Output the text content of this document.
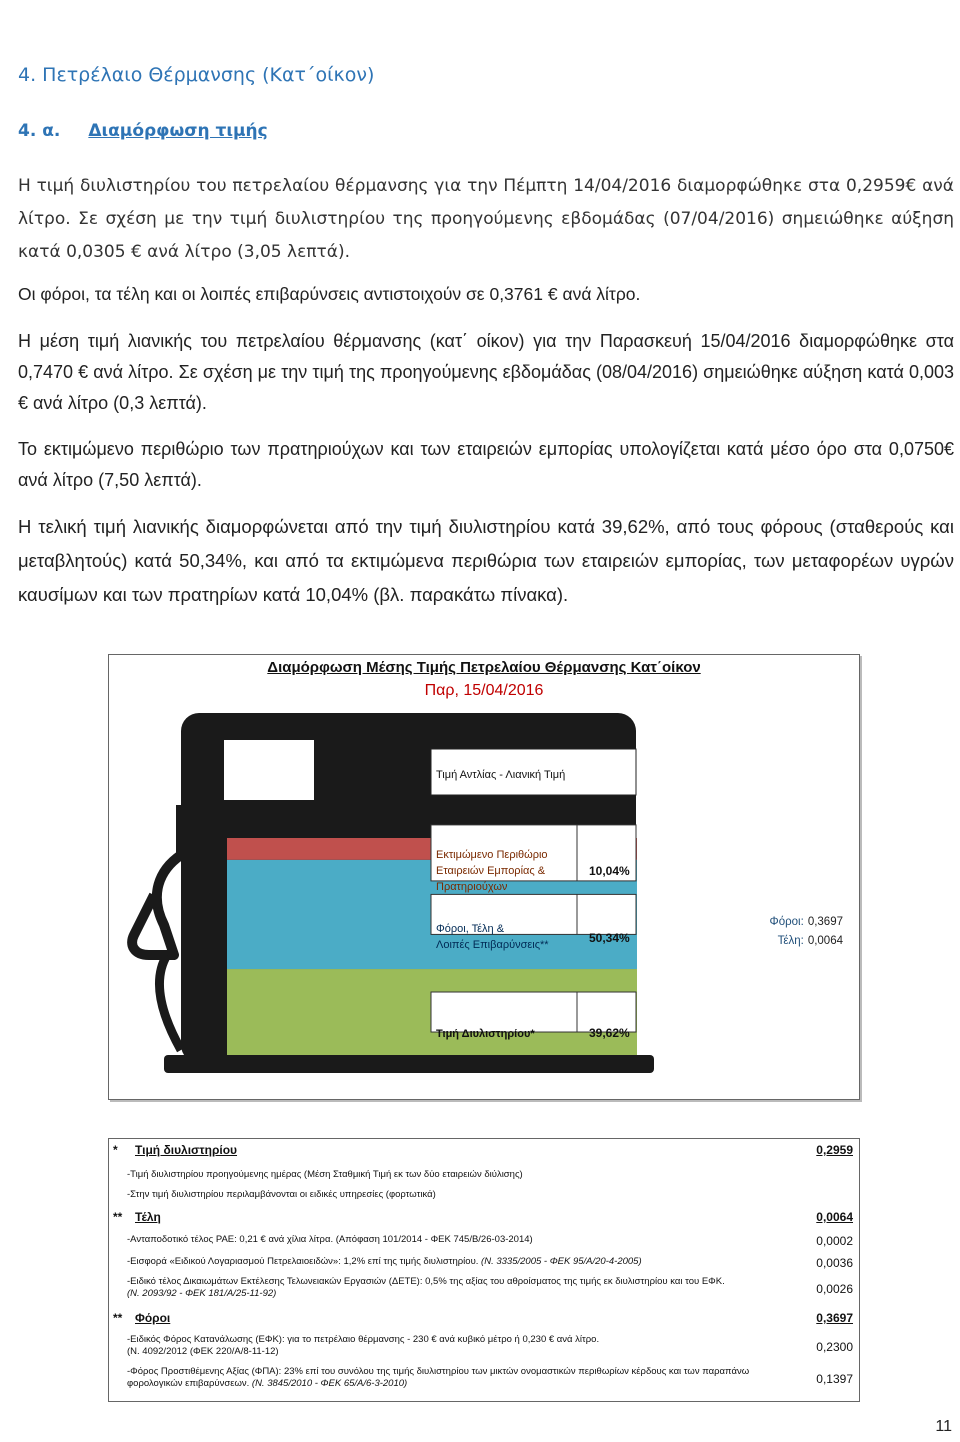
4. Πετρέλαιο Θέρμανσης (Κατ΄οίκον)
4. α. Διαμόρφωση τιμής

Η τιμή διυλιστηρίου του πετρελαίου θέρμανσης για την Πέμπτη 14/04/2016 διαμορφώθηκε στα 0,2959€ ανά λίτρο. Σε σχέση με την τιμή διυλιστηρίου της προηγούμενης εβδομάδας (07/04/2016) σημειώθηκε αύξηση κατά 0,0305 € ανά λίτρο (3,05 λεπτά).

Οι φόροι, τα τέλη και οι λοιπές επιβαρύνσεις αντιστοιχούν σε 0,3761 € ανά λίτρο.

Η μέση τιμή λιανικής του πετρελαίου θέρμανσης (κατ΄ οίκον) για την Παρασκευή 15/04/2016 διαμορφώθηκε στα 0,7470 € ανά λίτρο. Σε σχέση με την τιμή της προηγούμενης εβδομάδας (08/04/2016) σημειώθηκε αύξηση κατά 0,003 € ανά λίτρο (0,3 λεπτά).

Το εκτιμώμενο περιθώριο των πρατηριούχων και των εταιρειών εμπορίας υπολογίζεται κατά μέσο όρο στα 0,0750€ ανά λίτρο (7,50 λεπτά).

Η τελική τιμή λιανικής διαμορφώνεται από την τιμή διυλιστηρίου κατά 39,62%, από τους φόρους (σταθερούς και μεταβλητούς) κατά 50,34%, και από τα εκτιμώμενα περιθώρια των εταιρειών εμπορίας, των μεταφορέων υγρών καυσίμων και των πρατηρίων κατά 10,04% (βλ. παρακάτω πίνακα).

Διαμόρφωση Μέσης Τιμής Πετρελαίου Θέρμανσης Κατ΄οίκον
Παρ, 15/04/2016
Τιμή Αντλίας - Λιανική Τιμή
Εκτιμώμενο Περιθώριο
Εταιρειών Εμπορίας &
Πρατηριούχων
10,04%
Φόροι, Τέλη &
Λοιπές Επιβαρύνσεις**	50,34%
Τιμή Διυλιστηρίου*	39,62%
Φόροι: 0,3697
Τέλη: 0,0064
* Τιμή διυλιστηρίου	0,2959
-Τιμή διυλιστηρίου προηγούμενης ημέρας (Μέση Σταθμική Τιμή εκ των δύο εταιρειών διύλισης)
-Στην τιμή διυλιστηρίου περιλαμβάνονται οι ειδικές υπηρεσίες (φορτωτικά)
** Τέλη	0,0064
-Ανταποδοτικό τέλος ΡΑΕ: 0,21 € ανά χίλια λίτρα. (Απόφαση 101/2014 - ΦΕΚ 745/Β/26-03-2014)	0,0002
-Εισφορά «Ειδικού Λογαριασμού Πετρελαιοειδών»: 1,2% επί της τιμής διυλιστηρίου. (Ν. 3335/2005 - ΦΕΚ 95/Α/20-4-2005)	0,0036
-Ειδικό τέλος Δικαιωμάτων Εκτέλεσης Τελωνειακών Εργασιών (ΔΕΤΕ): 0,5% της αξίας του αθροίσματος της τιμής εκ διυλιστηρίου και του ΕΦΚ.
(Ν. 2093/92 - ΦΕΚ 181/Α/25-11-92)	0,0026
** Φόροι	0,3697
-Ειδικός Φόρος Κατανάλωσης (ΕΦΚ): για το πετρέλαιο θέρμανσης - 230 € ανά κυβικό μέτρο ή 0,230 € ανά λίτρο.
(Ν. 4092/2012 (ΦΕΚ 220/Α/8-11-12)	0,2300
-Φόρος Προστιθέμενης Αξίας (ΦΠΑ): 23% επί του συνόλου της τιμής διυλιστηρίου των μικτών ονομαστικών περιθωρίων κέρδους και των παραπάνω φορολογικών επιβαρύνσεων. (Ν. 3845/2010 - ΦΕΚ 65/Α/6-3-2010)	0,1397
11
